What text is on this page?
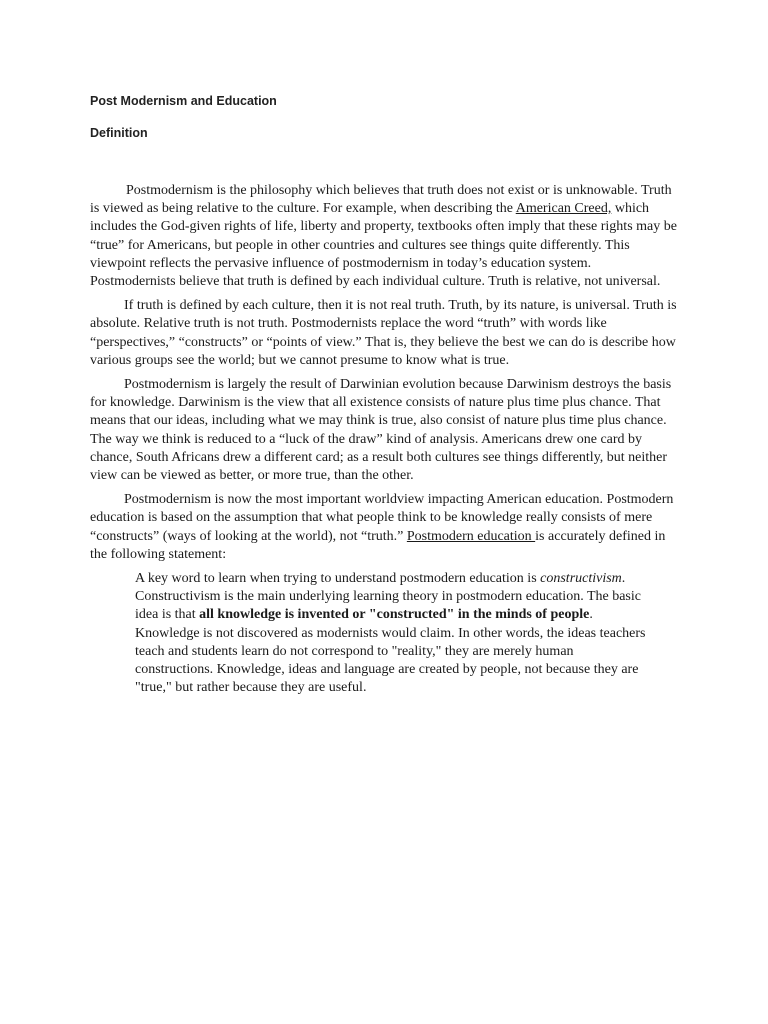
Post Modernism and Education
Definition

Postmodernism is the philosophy which believes that truth does not exist or is unknowable. Truth is viewed as being relative to the culture. For example, when describing the American Creed, which includes the God-given rights of life, liberty and property, textbooks often imply that these rights may be “true” for Americans, but people in other countries and cultures see things quite differently. This viewpoint reflects the pervasive influence of postmodernism in today’s education system. Postmodernists believe that truth is defined by each individual culture. Truth is relative, not universal.

If truth is defined by each culture, then it is not real truth. Truth, by its nature, is universal. Truth is absolute. Relative truth is not truth. Postmodernists replace the word “truth” with words like “perspectives,” “constructs” or “points of view.” That is, they believe the best we can do is describe how various groups see the world; but we cannot presume to know what is true.

Postmodernism is largely the result of Darwinian evolution because Darwinism destroys the basis for knowledge. Darwinism is the view that all existence consists of nature plus time plus chance. That means that our ideas, including what we may think is true, also consist of nature plus time plus chance. The way we think is reduced to a “luck of the draw” kind of analysis. Americans drew one card by chance, South Africans drew a different card; as a result both cultures see things differently, but neither view can be viewed as better, or more true, than the other.

Postmodernism is now the most important worldview impacting American education. Postmodern education is based on the assumption that what people think to be knowledge really consists of mere “constructs” (ways of looking at the world), not “truth.” Postmodern education is accurately defined in the following statement:

A key word to learn when trying to understand postmodern education is constructivism. Constructivism is the main underlying learning theory in postmodern education. The basic idea is that all knowledge is invented or "constructed" in the minds of people. Knowledge is not discovered as modernists would claim. In other words, the ideas teachers teach and students learn do not correspond to "reality," they are merely human constructions. Knowledge, ideas and language are created by people, not because they are "true," but rather because they are useful.
